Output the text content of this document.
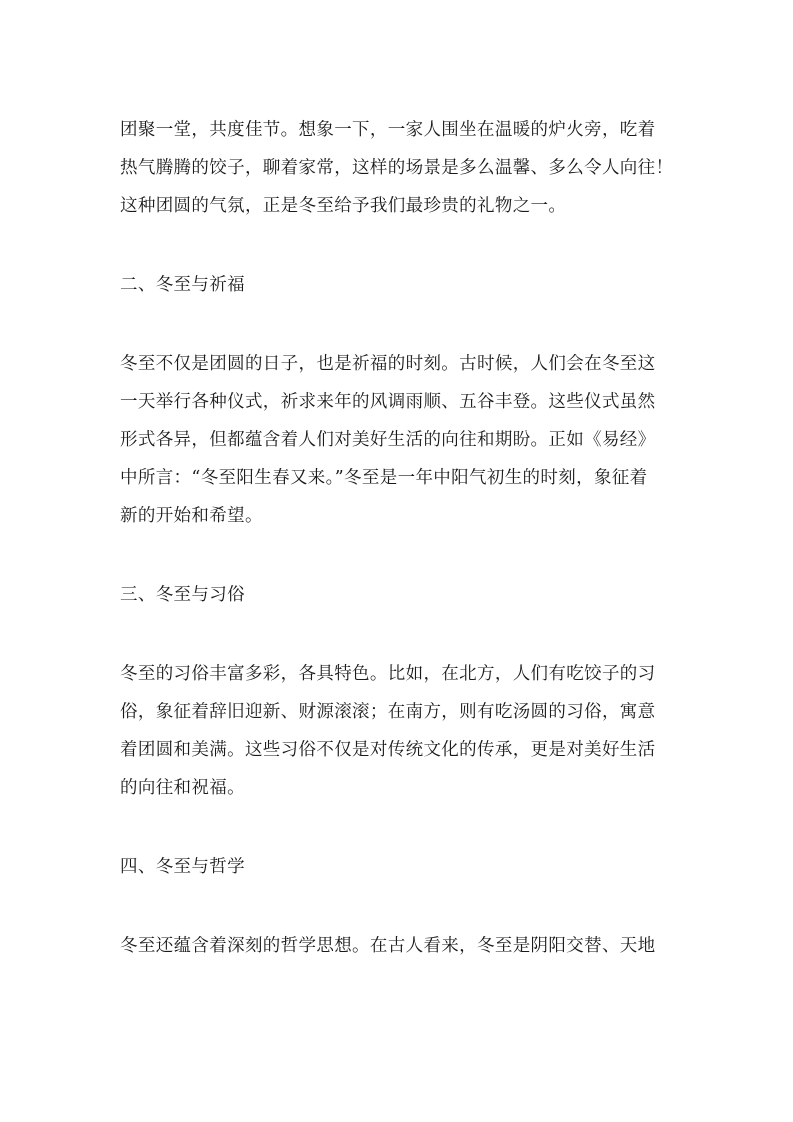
团聚一堂，共度佳节。想象一下，一家人围坐在温暖的炉火旁，吃着

热气腾腾的饺子，聊着家常，这样的场景是多么温馨、多么令人向往！

这种团圆的气氛，正是冬至给予我们最珍贵的礼物之一。

二、冬至与祈福

冬至不仅是团圆的日子，也是祈福的时刻。古时候，人们会在冬至这

一天举行各种仪式，祈求来年的风调雨顺、五谷丰登。这些仪式虽然

形式各异，但都蕴含着人们对美好生活的向往和期盼。正如《易经》

中所言：“冬至阳生春又来。”冬至是一年中阳气初生的时刻，象征着

新的开始和希望。

三、冬至与习俗

冬至的习俗丰富多彩，各具特色。比如，在北方，人们有吃饺子的习

俗，象征着辞旧迎新、财源滚滚；在南方，则有吃汤圆的习俗，寓意

着团圆和美满。这些习俗不仅是对传统文化的传承，更是对美好生活

的向往和祝福。

四、冬至与哲学

冬至还蕴含着深刻的哲学思想。在古人看来，冬至是阴阳交替、天地
